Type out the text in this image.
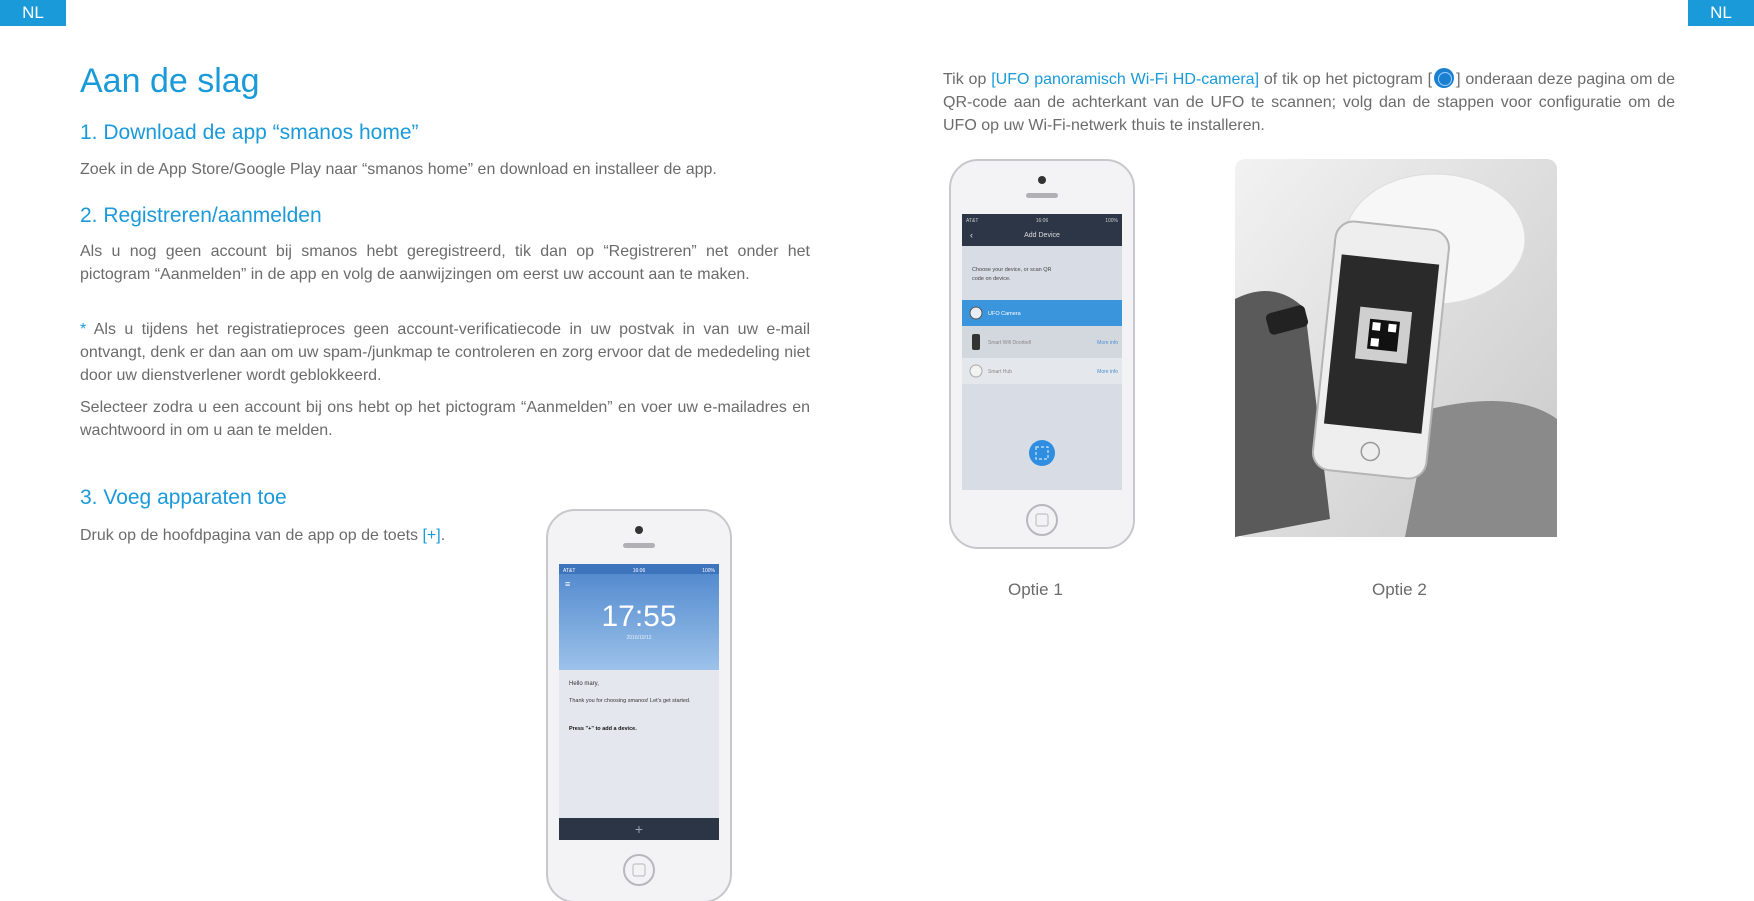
NL	NL
Aan de slag
1. Download de app “smanos home”

Zoek in de App Store/Google Play naar “smanos home” en download en installeer de app.

2. Registreren/aanmelden

Als u nog geen account bij smanos hebt geregistreerd, tik dan op “Registreren” net onder het pictogram “Aanmelden” in de app en volg de aanwijzingen om eerst uw account aan te maken.

* Als u tijdens het registratieproces geen account-verificatiecode in uw postvak in van uw e-mail ontvangt, denk er dan aan om uw spam-/junkmap te controleren en zorg ervoor dat de mededeling niet door uw dienstverlener wordt geblokkeerd.

Selecteer zodra u een account bij ons hebt op het pictogram “Aanmelden” en voer uw e-mailadres en wachtwoord in om u aan te melden.

3. Voeg apparaten toe

Druk op de hoofdpagina van de app op de toets [+].

AT&T	16:06	100%
≡
17:55
2016/10/12
Hello mary,
Thank you for choosing smanos! Let's get started.
Press "+" to add a device.
+

Tik op [UFO panoramisch Wi-Fi HD-camera] of tik op het pictogram [ ] onderaan deze pagina om de QR-code aan de achterkant van de UFO te scannen; volg dan de stappen voor configuratie om de UFO op uw Wi-Fi-netwerk thuis te installeren.

AT&T	16:06	100%
‹	Add Device
Choose your device, or scan QR
code on device.
UFO Camera
Smart Wifi Doorbell	More info
Smart Hub	More info
Optie 1	Optie 2
